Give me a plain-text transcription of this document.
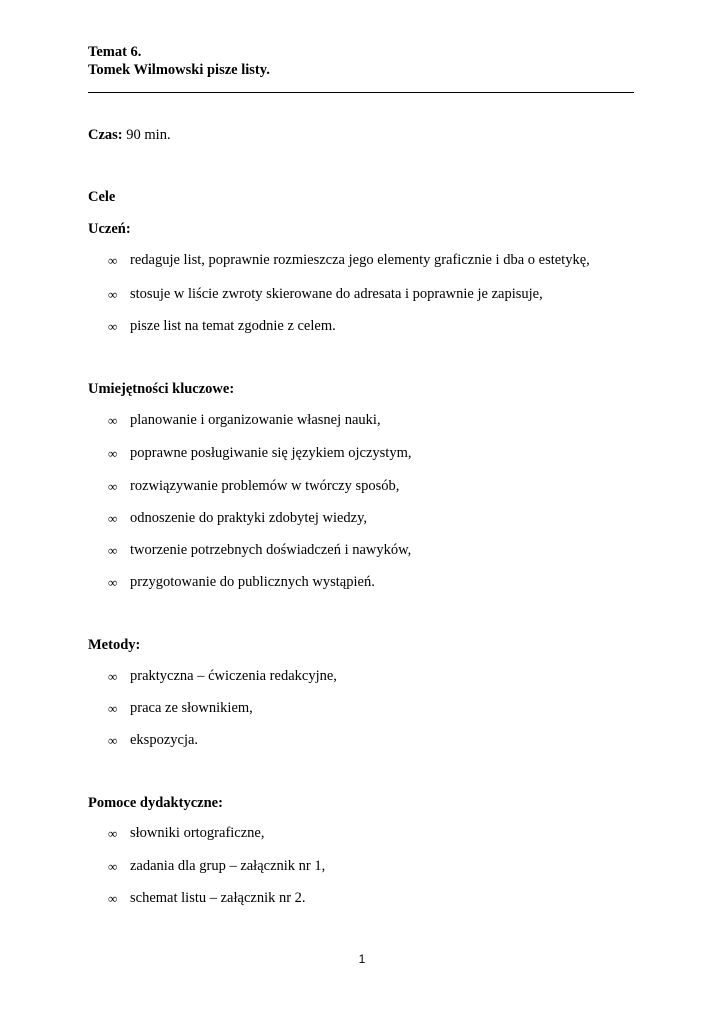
Temat 6.
Tomek Wilmowski pisze listy.
Czas: 90 min.
Cele
Uczeń:
∞ redaguje list, poprawnie rozmieszcza jego elementy graficznie i dba o estetykę,
∞ stosuje w liście zwroty skierowane do adresata i poprawnie je zapisuje,
∞ pisze list na temat zgodnie z celem.
Umiejętności kluczowe:
∞ planowanie i organizowanie własnej nauki,
∞ poprawne posługiwanie się językiem ojczystym,
∞ rozwiązywanie problemów w twórczy sposób,
∞ odnoszenie do praktyki zdobytej wiedzy,
∞ tworzenie potrzebnych doświadczeń i nawyków,
∞ przygotowanie do publicznych wystąpień.
Metody:
∞ praktyczna – ćwiczenia redakcyjne,
∞ praca ze słownikiem,
∞ ekspozycja.
Pomoce dydaktyczne:
∞ słowniki ortograficzne,
∞ zadania dla grup – załącznik nr 1,
∞ schemat listu – załącznik nr 2.
1
